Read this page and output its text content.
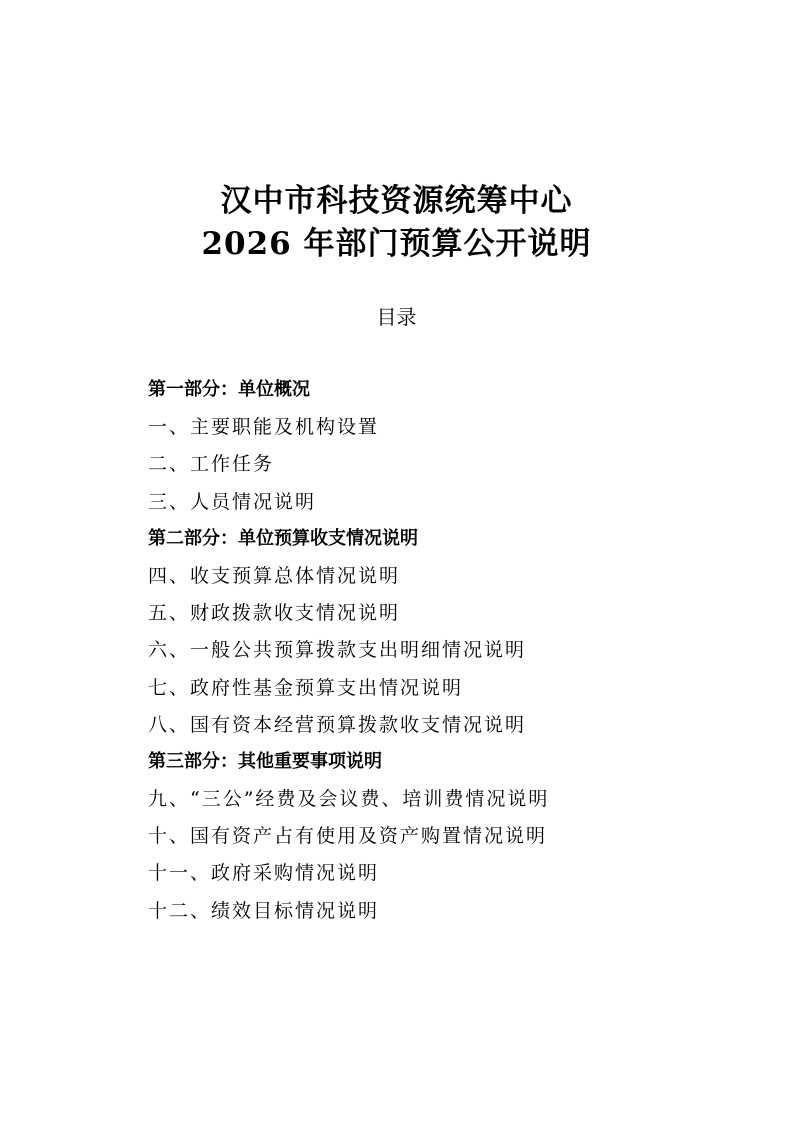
汉中市科技资源统筹中心
2026 年部门预算公开说明
目录
第一部分：单位概况
一、主要职能及机构设置
二、工作任务
三、人员情况说明
第二部分：单位预算收支情况说明
四、收支预算总体情况说明
五、财政拨款收支情况说明
六、一般公共预算拨款支出明细情况说明
七、政府性基金预算支出情况说明
八、国有资本经营预算拨款收支情况说明
第三部分：其他重要事项说明
九、“三公”经费及会议费、培训费情况说明
十、国有资产占有使用及资产购置情况说明
十一、政府采购情况说明
十二、绩效目标情况说明
